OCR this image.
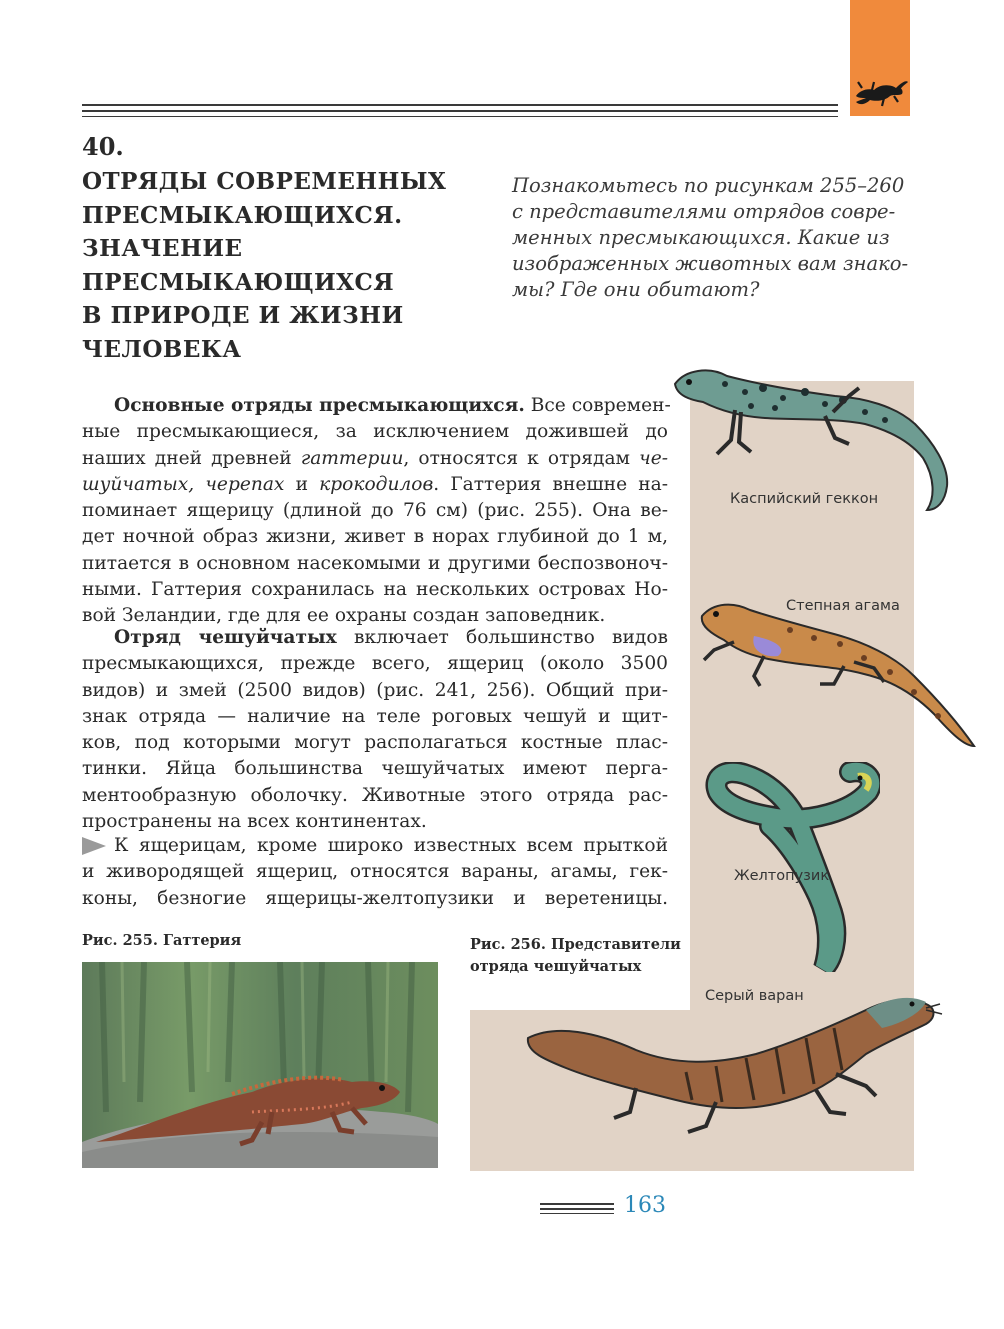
40.
ОТРЯДЫ СОВРЕМЕННЫХ
ПРЕСМЫКАЮЩИХСЯ.
ЗНАЧЕНИЕ
ПРЕСМЫКАЮЩИХСЯ
В ПРИРОДЕ И ЖИЗНИ
ЧЕЛОВЕКА
Познакомьтесь по рисункам 255–260
с представителями отрядов совре-
менных пресмыкающихся. Какие из
изображенных животных вам знако-
мы? Где они обитают?
Основные отряды пресмыкающихся. Все современ-
ные пресмыкающиеся, за исключением дожившей до
наших дней древней гаттерии, относятся к отрядам че-
шуйчатых, черепах и крокодилов. Гаттерия внешне на-
поминает ящерицу (длиной до 76 см) (рис. 255). Она ве-
дет ночной образ жизни, живет в норах глубиной до 1 м,
питается в основном насекомыми и другими беспозвоноч-
ными. Гаттерия сохранилась на нескольких островах Но-
вой Зеландии, где для ее охраны создан заповедник.
Отряд чешуйчатых включает большинство видов
пресмыкающихся, прежде всего, ящериц (около 3500
видов) и змей (2500 видов) (рис. 241, 256). Общий при-
знак отряда — наличие на теле роговых чешуй и щит-
ков, под которыми могут располагаться костные плас-
тинки. Яйца большинства чешуйчатых имеют перга-
ментообразную оболочку. Животные этого отряда рас-
пространены на всех континентах.
К ящерицам, кроме широко известных всем прыткой
и живородящей ящериц, относятся вараны, агамы, гек-
коны, безногие ящерицы-желтопузики и веретеницы.
Рис. 255. Гаттерия	Рис. 256. Представители
отряда чешуйчатых
Каспийский геккон
Степная агама
Желтопузик
Серый варан
163
